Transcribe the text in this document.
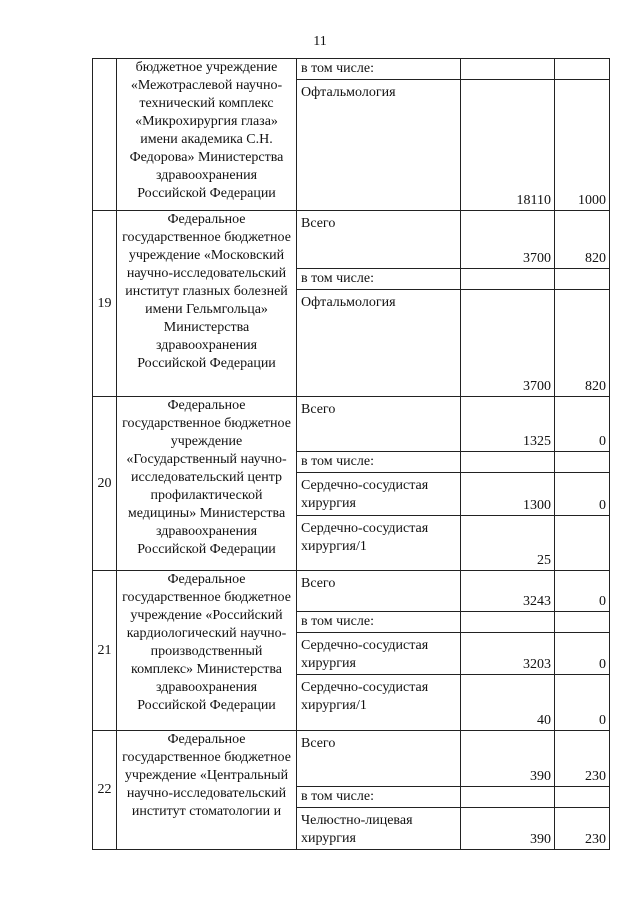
11
	бюджетное учреждение «Межотраслевой научно-технический комплекс «Микрохирургия глаза» имени академика С.Н. Федорова» Министерства здравоохранения Российской Федерации	в том числе:		
		Офтальмология	18110	1000
19	Федеральное государственное бюджетное учреждение «Московский научно-исследовательский институт глазных болезней имени Гельмгольца» Министерства здравоохранения Российской Федерации	Всего	3700	820
		в том числе:		
		Офтальмология	3700	820
20	Федеральное государственное бюджетное учреждение «Государственный научно-исследовательский центр профилактической медицины» Министерства здравоохранения Российской Федерации	Всего	1325	0
		в том числе:		
		Сердечно-сосудистая хирургия	1300	0
		Сердечно-сосудистая хирургия/1	25	
21	Федеральное государственное бюджетное учреждение «Российский кардиологический научно-производственный комплекс» Министерства здравоохранения Российской Федерации	Всего	3243	0
		в том числе:		
		Сердечно-сосудистая хирургия	3203	0
		Сердечно-сосудистая хирургия/1	40	0
22	Федеральное государственное бюджетное учреждение «Центральный научно-исследовательский институт стоматологии и	Всего	390	230
		в том числе:		
		Челюстно-лицевая хирургия	390	230
